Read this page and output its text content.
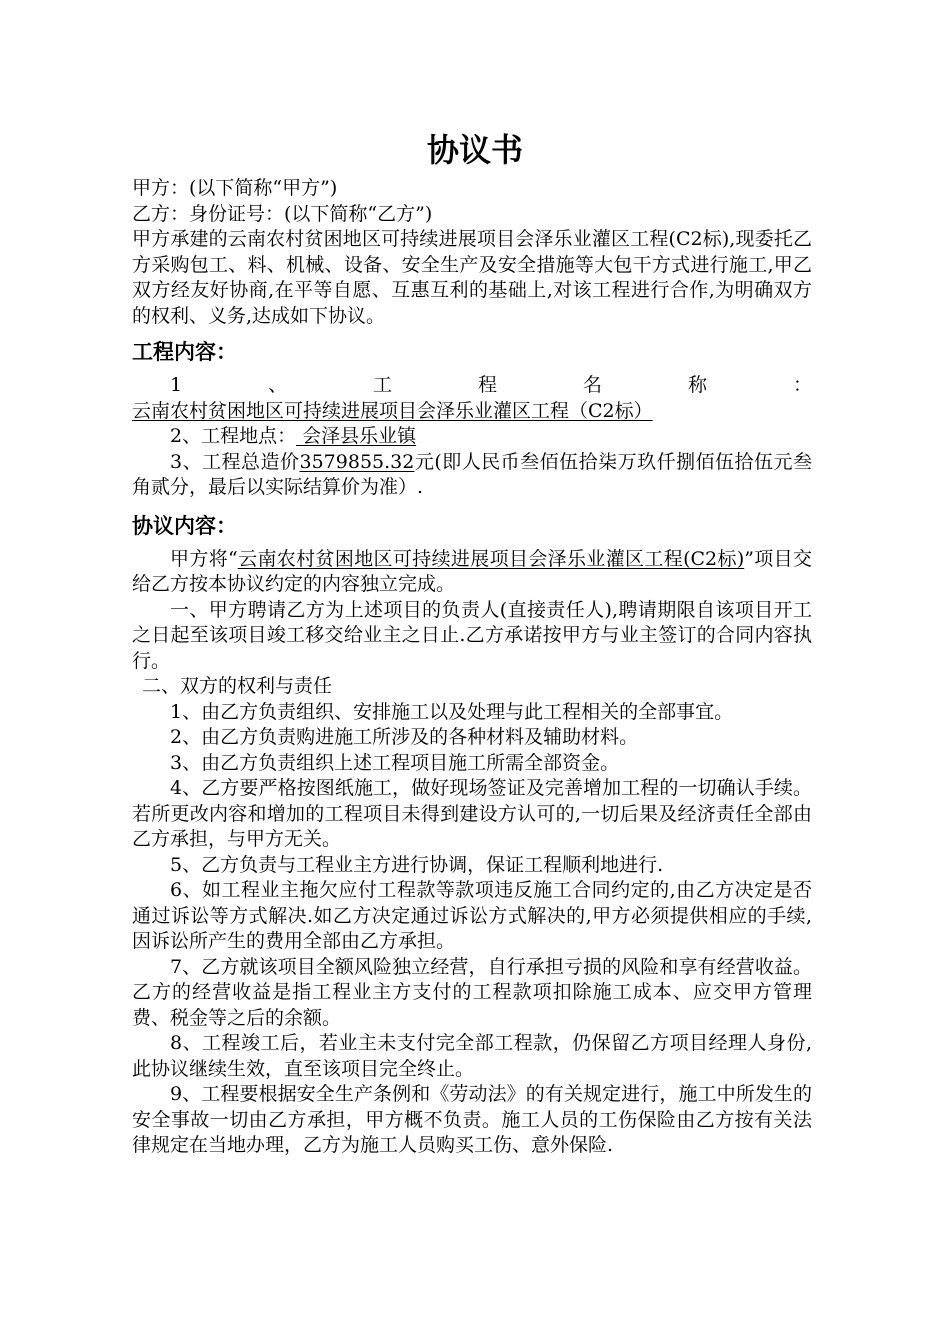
协议书

甲方：(以下简称“甲方”)

乙方：身份证号：(以下简称“乙方”)

甲方承建的云南农村贫困地区可持续进展项目会泽乐业灌区工程(C2标),现委托乙方采购包工、料、机械、设备、安全生产及安全措施等大包干方式进行施工,甲乙双方经友好协商,在平等自愿、互惠互利的基础上,对该工程进行合作,为明确双方的权利、义务,达成如下协议。

工程内容：

1、工程名称：云南农村贫困地区可持续进展项目会泽乐业灌区工程（C2标）

2、工程地点： 会泽县乐业镇

3、工程总造价3579855.32元(即人民币叁佰伍拾柒万玖仟捌佰伍拾伍元叁角贰分，最后以实际结算价为准）.

协议内容：

甲方将“云南农村贫困地区可持续进展项目会泽乐业灌区工程(C2标)”项目交给乙方按本协议约定的内容独立完成。

一、甲方聘请乙方为上述项目的负责人(直接责任人),聘请期限自该项目开工之日起至该项目竣工移交给业主之日止.乙方承诺按甲方与业主签订的合同内容执行。

二、双方的权利与责任

1、由乙方负责组织、安排施工以及处理与此工程相关的全部事宜。

2、由乙方负责购进施工所涉及的各种材料及辅助材料。

3、由乙方负责组织上述工程项目施工所需全部资金。

4、乙方要严格按图纸施工，做好现场签证及完善增加工程的一切确认手续。若所更改内容和增加的工程项目未得到建设方认可的,一切后果及经济责任全部由乙方承担，与甲方无关。

5、乙方负责与工程业主方进行协调，保证工程顺利地进行.

6、如工程业主拖欠应付工程款等款项违反施工合同约定的,由乙方决定是否通过诉讼等方式解决.如乙方决定通过诉讼方式解决的,甲方必须提供相应的手续,因诉讼所产生的费用全部由乙方承担。

7、乙方就该项目全额风险独立经营，自行承担亏损的风险和享有经营收益。乙方的经营收益是指工程业主方支付的工程款项扣除施工成本、应交甲方管理费、税金等之后的余额。

8、工程竣工后，若业主未支付完全部工程款，仍保留乙方项目经理人身份,此协议继续生效，直至该项目完全终止。

9、工程要根据安全生产条例和《劳动法》的有关规定进行，施工中所发生的安全事故一切由乙方承担，甲方概不负责。施工人员的工伤保险由乙方按有关法律规定在当地办理，乙方为施工人员购买工伤、意外保险.
